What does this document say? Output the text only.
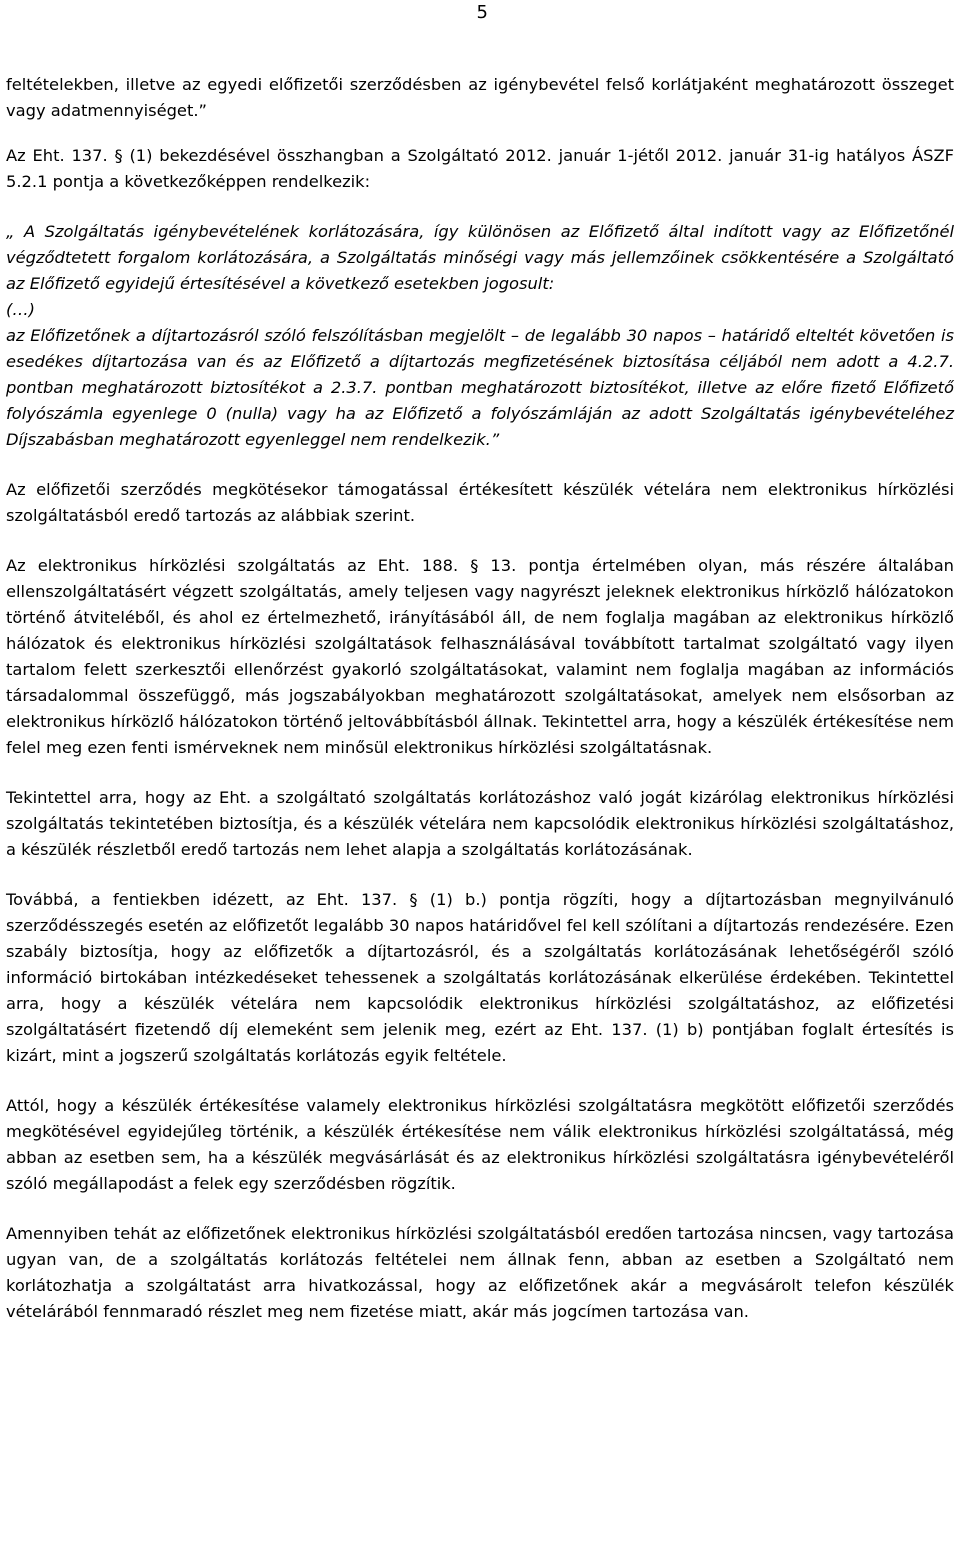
5

feltételekben, illetve az egyedi előfizetői szerződésben az igénybevétel felső korlátjaként meghatározott összeget vagy adatmennyiséget.”

Az Eht. 137. § (1) bekezdésével összhangban a Szolgáltató 2012. január 1-jétől 2012. január 31-ig hatályos ÁSZF 5.2.1 pontja a következőképpen rendelkezik:

„ A Szolgáltatás igénybevételének korlátozására, így különösen az Előfizető által indított vagy az Előfizetőnél végződtetett forgalom korlátozására, a Szolgáltatás minőségi vagy más jellemzőinek csökkentésére a Szolgáltató az Előfizető egyidejű értesítésével a következő esetekben jogosult:

(…)

az Előfizetőnek a díjtartozásról szóló felszólításban megjelölt – de legalább 30 napos – határidő elteltét követően is esedékes díjtartozása van és az Előfizető a díjtartozás megfizetésének biztosítása céljából nem adott a 4.2.7. pontban meghatározott biztosítékot a 2.3.7. pontban meghatározott biztosítékot, illetve az előre fizető Előfizető folyószámla egyenlege 0 (nulla) vagy ha az Előfizető a folyószámláján az adott Szolgáltatás igénybevételéhez Díjszabásban meghatározott egyenleggel nem rendelkezik.”

Az előfizetői szerződés megkötésekor támogatással értékesített készülék vételára nem elektronikus hírközlési szolgáltatásból eredő tartozás az alábbiak szerint.

Az elektronikus hírközlési szolgáltatás az Eht. 188. § 13. pontja értelmében olyan, más részére általában ellenszolgáltatásért végzett szolgáltatás, amely teljesen vagy nagyrészt jeleknek elektronikus hírközlő hálózatokon történő átviteléből, és ahol ez értelmezhető, irányításából áll, de nem foglalja magában az elektronikus hírközlő hálózatok és elektronikus hírközlési szolgáltatások felhasználásával továbbított tartalmat szolgáltató vagy ilyen tartalom felett szerkesztői ellenőrzést gyakorló szolgáltatásokat, valamint nem foglalja magában az információs társadalommal összefüggő, más jogszabályokban meghatározott szolgáltatásokat, amelyek nem elsősorban az elektronikus hírközlő hálózatokon történő jeltovábbításból állnak. Tekintettel arra, hogy a készülék értékesítése nem felel meg ezen fenti ismérveknek nem minősül elektronikus hírközlési szolgáltatásnak.

Tekintettel arra, hogy az Eht. a szolgáltató szolgáltatás korlátozáshoz való jogát kizárólag elektronikus hírközlési szolgáltatás tekintetében biztosítja, és a készülék vételára nem kapcsolódik elektronikus hírközlési szolgáltatáshoz, a készülék részletből eredő tartozás nem lehet alapja a szolgáltatás korlátozásának.

Továbbá, a fentiekben idézett, az Eht. 137. § (1) b.) pontja rögzíti, hogy a díjtartozásban megnyilvánuló szerződésszegés esetén az előfizetőt legalább 30 napos határidővel fel kell szólítani a díjtartozás rendezésére. Ezen szabály biztosítja, hogy az előfizetők a díjtartozásról, és a szolgáltatás korlátozásának lehetőségéről szóló információ birtokában intézkedéseket tehessenek a szolgáltatás korlátozásának elkerülése érdekében. Tekintettel arra, hogy a készülék vételára nem kapcsolódik elektronikus hírközlési szolgáltatáshoz, az előfizetési szolgáltatásért fizetendő díj elemeként sem jelenik meg, ezért az Eht. 137. (1) b) pontjában foglalt értesítés is kizárt, mint a jogszerű szolgáltatás korlátozás egyik feltétele.

Attól, hogy a készülék értékesítése valamely elektronikus hírközlési szolgáltatásra megkötött előfizetői szerződés megkötésével egyidejűleg történik, a készülék értékesítése nem válik elektronikus hírközlési szolgáltatássá, még abban az esetben sem, ha a készülék megvásárlását és az elektronikus hírközlési szolgáltatásra igénybevételéről szóló megállapodást a felek egy szerződésben rögzítik.

Amennyiben tehát az előfizetőnek elektronikus hírközlési szolgáltatásból eredően tartozása nincsen, vagy tartozása ugyan van, de a szolgáltatás korlátozás feltételei nem állnak fenn, abban az esetben a Szolgáltató nem korlátozhatja a szolgáltatást arra hivatkozással, hogy az előfizetőnek akár a megvásárolt telefon készülék vételárából fennmaradó részlet meg nem fizetése miatt, akár más jogcímen tartozása van.
